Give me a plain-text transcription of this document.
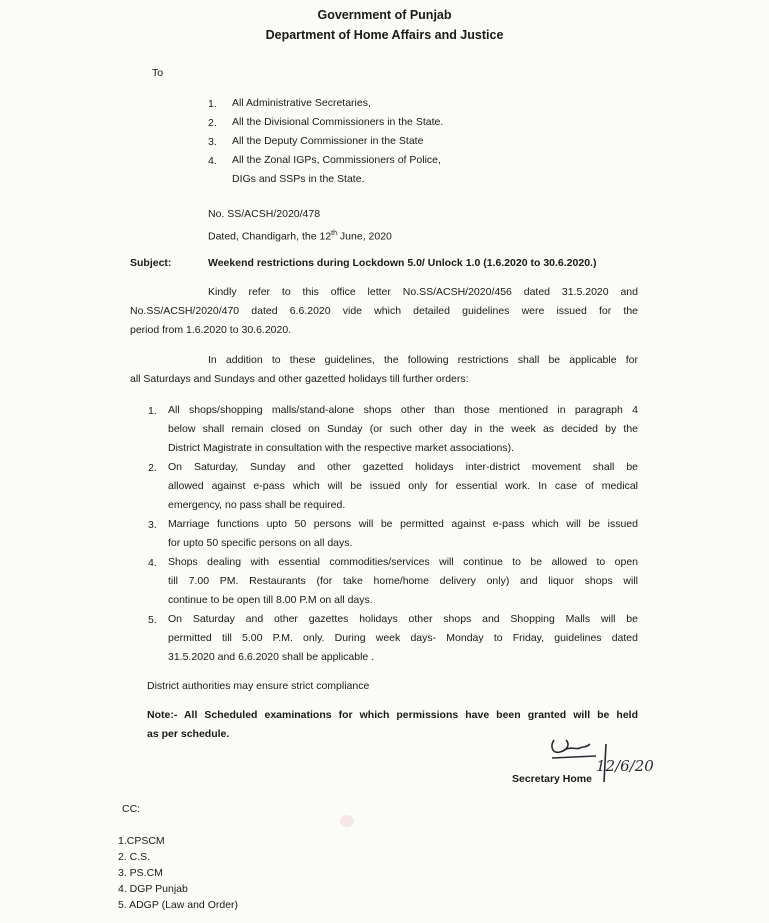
Government of Punjab
Department of Home Affairs and Justice
To
1. All Administrative Secretaries,
2. All the Divisional Commissioners in the State.
3. All the Deputy Commissioner in the State
4. All the Zonal IGPs, Commissioners of Police,
DIGs and SSPs in the State.
No. SS/ACSH/2020/478
Dated, Chandigarh, the 12th June, 2020
Subject:	Weekend restrictions during Lockdown 5.0/ Unlock 1.0 (1.6.2020 to 30.6.2020.)
Kindly refer to this office letter No.SS/ACSH/2020/456 dated 31.5.2020 and
No.SS/ACSH/2020/470 dated 6.6.2020 vide which detailed guidelines were issued for the
period from 1.6.2020 to 30.6.2020.
In addition to these guidelines, the following restrictions shall be applicable for
all Saturdays and Sundays and other gazetted holidays till further orders:
1. All shops/shopping malls/stand-alone shops other than those mentioned in paragraph 4
below shall remain closed on Sunday (or such other day in the week as decided by the
District Magistrate in consultation with the respective market associations).
2. On Saturday, Sunday and other gazetted holidays inter-district movement shall be
allowed against e-pass which will be issued only for essential work. In case of medical
emergency, no pass shall be required.
3. Marriage functions upto 50 persons will be permitted against e-pass which will be issued
for upto 50 specific persons on all days.
4. Shops dealing with essential commodities/services will continue to be allowed to open
till 7.00 PM. Restaurants (for take home/home delivery only) and liquor shops will
continue to be open till 8.00 P.M on all days.
5. On Saturday and other gazettes holidays other shops and Shopping Malls will be
permitted till 5.00 P.M. only. During week days- Monday to Friday, guidelines dated
31.5.2020 and 6.6.2020 shall be applicable .
District authorities may ensure strict compliance
Note:- All Scheduled examinations for which permissions have been granted will be held
as per schedule.
Secretary Home
12/6/20
CC:
1.CPSCM
2. C.S.
3. PS.CM
4. DGP Punjab
5. ADGP (Law and Order)
